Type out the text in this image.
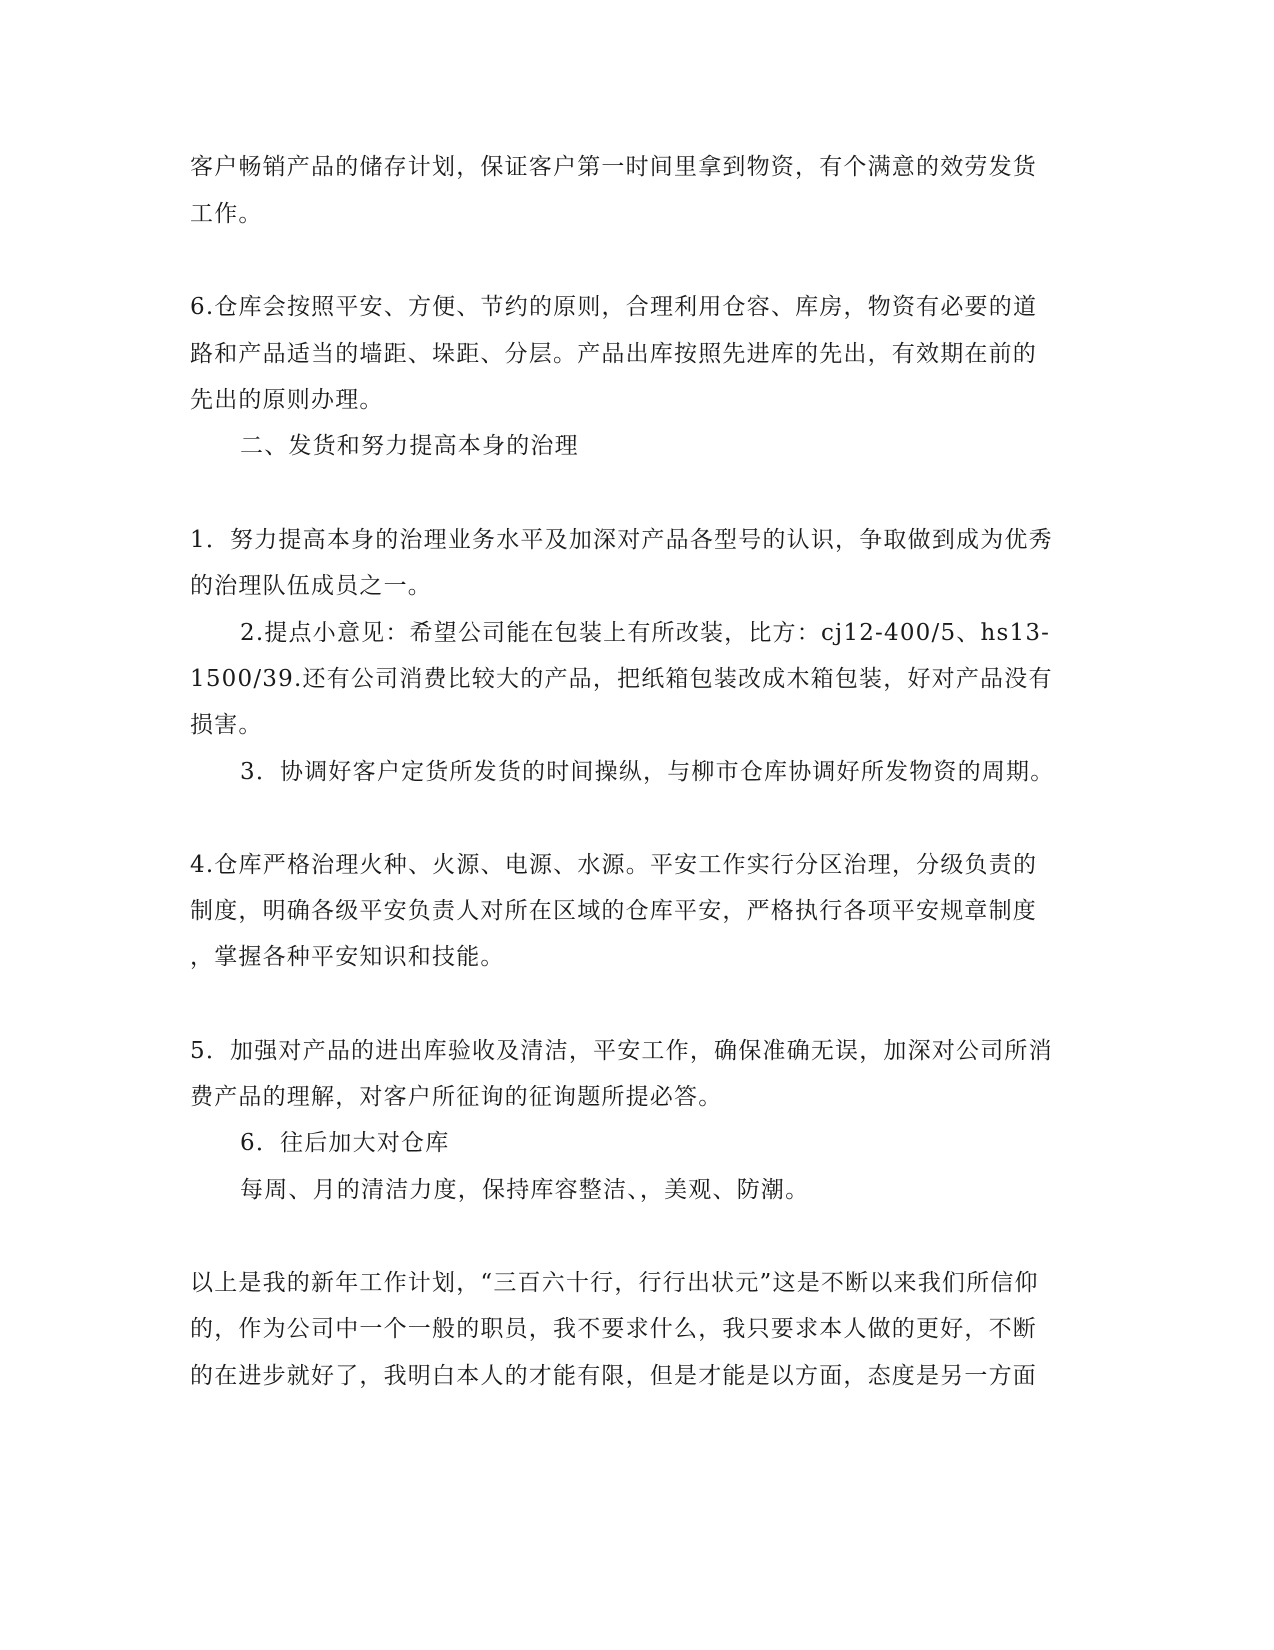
客户畅销产品的储存计划，保证客户第一时间里拿到物资，有个满意的效劳发货
工作。
6.仓库会按照平安、方便、节约的原则，合理利用仓容、库房，物资有必要的道
路和产品适当的墙距、垛距、分层。产品出库按照先进库的先出，有效期在前的
先出的原则办理。
二、发货和努力提高本身的治理
1．努力提高本身的治理业务水平及加深对产品各型号的认识，争取做到成为优秀
的治理队伍成员之一。
2.提点小意见：希望公司能在包装上有所改装，比方：cj12-400/5、hs13-
1500/39.还有公司消费比较大的产品，把纸箱包装改成木箱包装，好对产品没有
损害。
3．协调好客户定货所发货的时间操纵，与柳市仓库协调好所发物资的周期。
4.仓库严格治理火种、火源、电源、水源。平安工作实行分区治理，分级负责的
制度，明确各级平安负责人对所在区域的仓库平安，严格执行各项平安规章制度
，掌握各种平安知识和技能。
5．加强对产品的进出库验收及清洁，平安工作，确保准确无误，加深对公司所消
费产品的理解，对客户所征询的征询题所提必答。
6．往后加大对仓库
每周、月的清洁力度，保持库容整洁、，美观、防潮。
以上是我的新年工作计划，“三百六十行，行行出状元”这是不断以来我们所信仰
的，作为公司中一个一般的职员，我不要求什么，我只要求本人做的更好，不断
的在进步就好了，我明白本人的才能有限，但是才能是以方面，态度是另一方面
